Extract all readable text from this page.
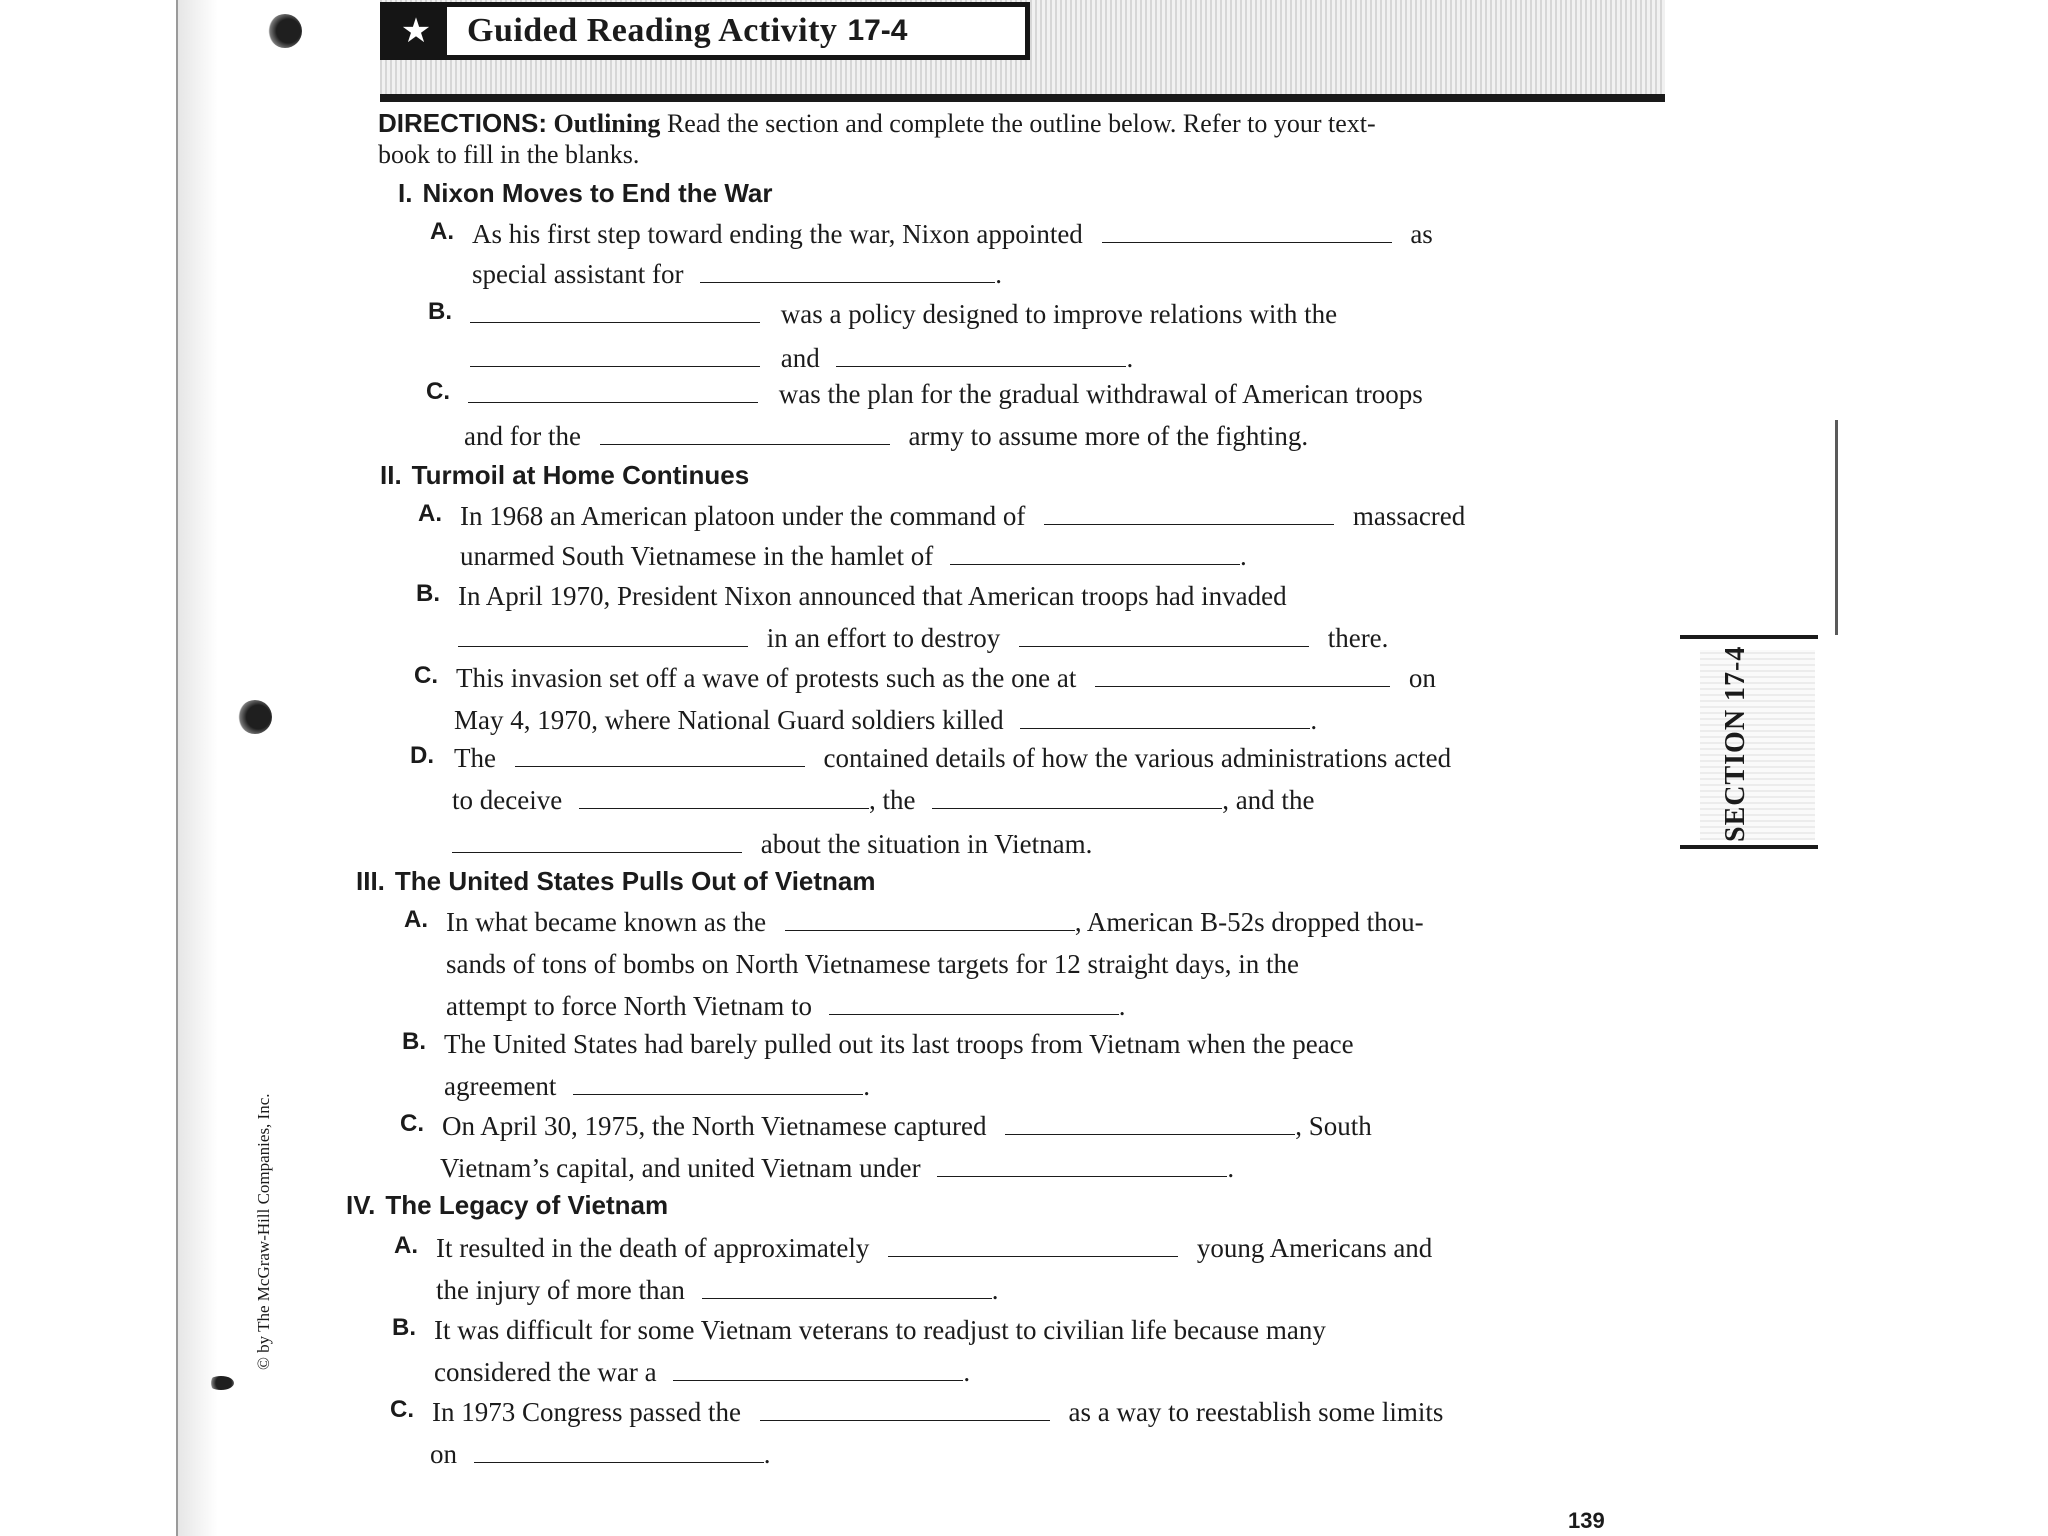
★	Guided Reading Activity 17-4
DIRECTIONS: Outlining Read the section and complete the outline below. Refer to your text-
book to fill in the blanks.
I. Nixon Moves to End the War
A. As his first step toward ending the war, Nixon appointed	as
special assistant for	.
B.	was a policy designed to improve relations with the
and	.
C.	was the plan for the gradual withdrawal of American troops
and for the	army to assume more of the fighting.
II. Turmoil at Home Continues
A. In 1968 an American platoon under the command of	massacred
unarmed South Vietnamese in the hamlet of	.
B. In April 1970, President Nixon announced that American troops had invaded
in an effort to destroy	there.
C. This invasion set off a wave of protests such as the one at	on
May 4, 1970, where National Guard soldiers killed	.
D. The	contained details of how the various administrations acted
to deceive	, the	, and the
about the situation in Vietnam.
III. The United States Pulls Out of Vietnam
A. In what became known as the	, American B-52s dropped thou-
sands of tons of bombs on North Vietnamese targets for 12 straight days, in the
attempt to force North Vietnam to	.
B. The United States had barely pulled out its last troops from Vietnam when the peace
agreement	.
C. On April 30, 1975, the North Vietnamese captured	, South
Vietnam’s capital, and united Vietnam under	.
IV. The Legacy of Vietnam
A. It resulted in the death of approximately	young Americans and
the injury of more than	.
B. It was difficult for some Vietnam veterans to readjust to civilian life because many
considered the war a	.
C. In 1973 Congress passed the	as a way to reestablish some limits
on	.
SECTION 17-4
© by The McGraw-Hill Companies, Inc.
139
